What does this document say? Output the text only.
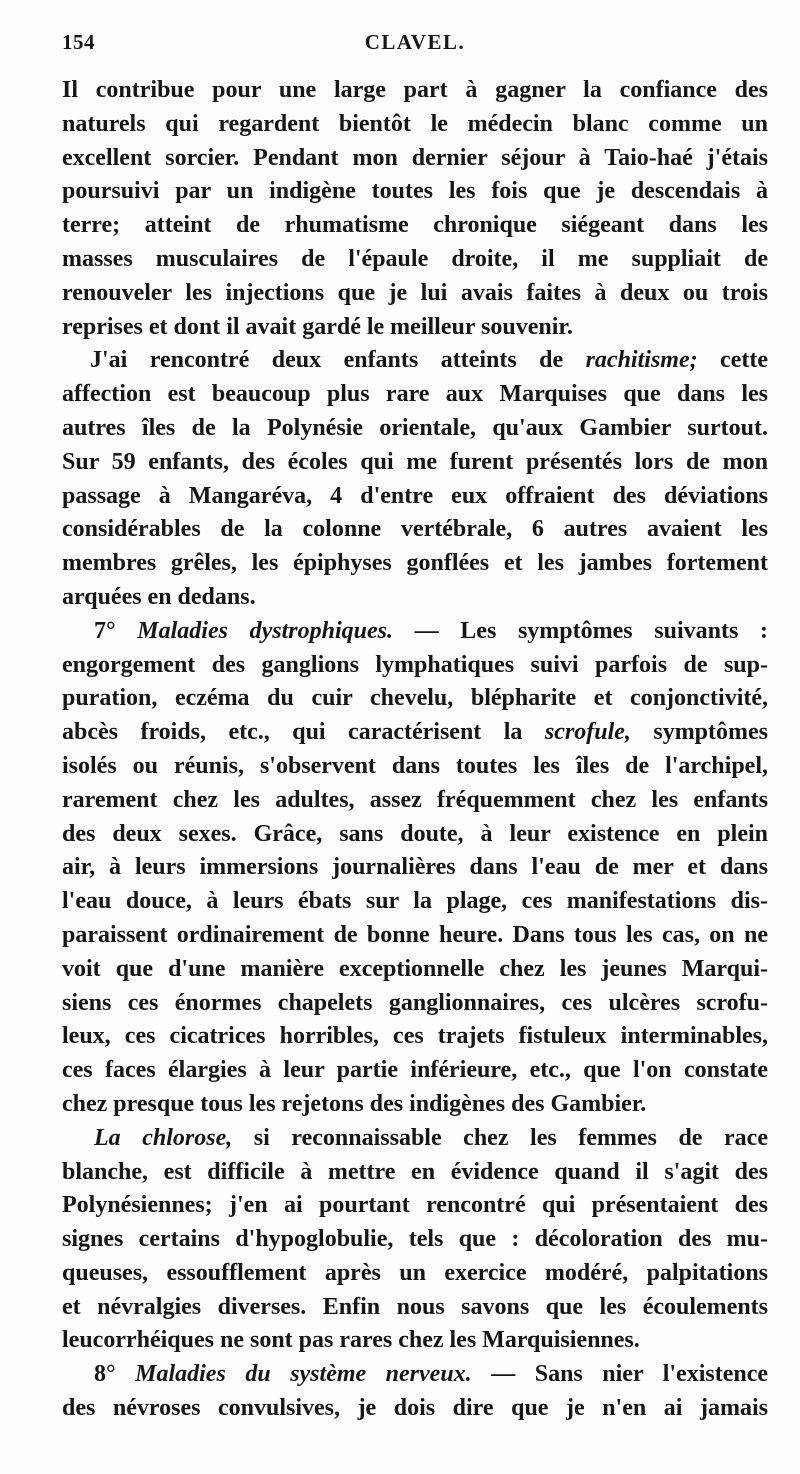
154	CLAVEL.
Il contribue pour une large part à gagner la confiance des
naturels qui regardent bientôt le médecin blanc comme un
excellent sorcier. Pendant mon dernier séjour à Taio-haé j'étais
poursuivi par un indigène toutes les fois que je descendais à
terre; atteint de rhumatisme chronique siégeant dans les
masses musculaires de l'épaule droite, il me suppliait de
renouveler les injections que je lui avais faites à deux ou trois
reprises et dont il avait gardé le meilleur souvenir.
J'ai rencontré deux enfants atteints de rachitisme; cette
affection est beaucoup plus rare aux Marquises que dans les
autres îles de la Polynésie orientale, qu'aux Gambier surtout.
Sur 59 enfants, des écoles qui me furent présentés lors de mon
passage à Mangaréva, 4 d'entre eux offraient des déviations
considérables de la colonne vertébrale, 6 autres avaient les
membres grêles, les épiphyses gonflées et les jambes fortement
arquées en dedans.
7° Maladies dystrophiques. — Les symptômes suivants :
engorgement des ganglions lymphatiques suivi parfois de sup-
puration, eczéma du cuir chevelu, blépharite et conjonctivité,
abcès froids, etc., qui caractérisent la scrofule, symptômes
isolés ou réunis, s'observent dans toutes les îles de l'archipel,
rarement chez les adultes, assez fréquemment chez les enfants
des deux sexes. Grâce, sans doute, à leur existence en plein
air, à leurs immersions journalières dans l'eau de mer et dans
l'eau douce, à leurs ébats sur la plage, ces manifestations dis-
paraissent ordinairement de bonne heure. Dans tous les cas, on ne
voit que d'une manière exceptionnelle chez les jeunes Marqui-
siens ces énormes chapelets ganglionnaires, ces ulcères scrofu-
leux, ces cicatrices horribles, ces trajets fistuleux interminables,
ces faces élargies à leur partie inférieure, etc., que l'on constate
chez presque tous les rejetons des indigènes des Gambier.
La chlorose, si reconnaissable chez les femmes de race
blanche, est difficile à mettre en évidence quand il s'agit des
Polynésiennes; j'en ai pourtant rencontré qui présentaient des
signes certains d'hypoglobulie, tels que : décoloration des mu-
queuses, essoufflement après un exercice modéré, palpitations
et névralgies diverses. Enfin nous savons que les écoulements
leucorrhéiques ne sont pas rares chez les Marquisiennes.
8° Maladies du système nerveux. — Sans nier l'existence
des névroses convulsives, je dois dire que je n'en ai jamais
